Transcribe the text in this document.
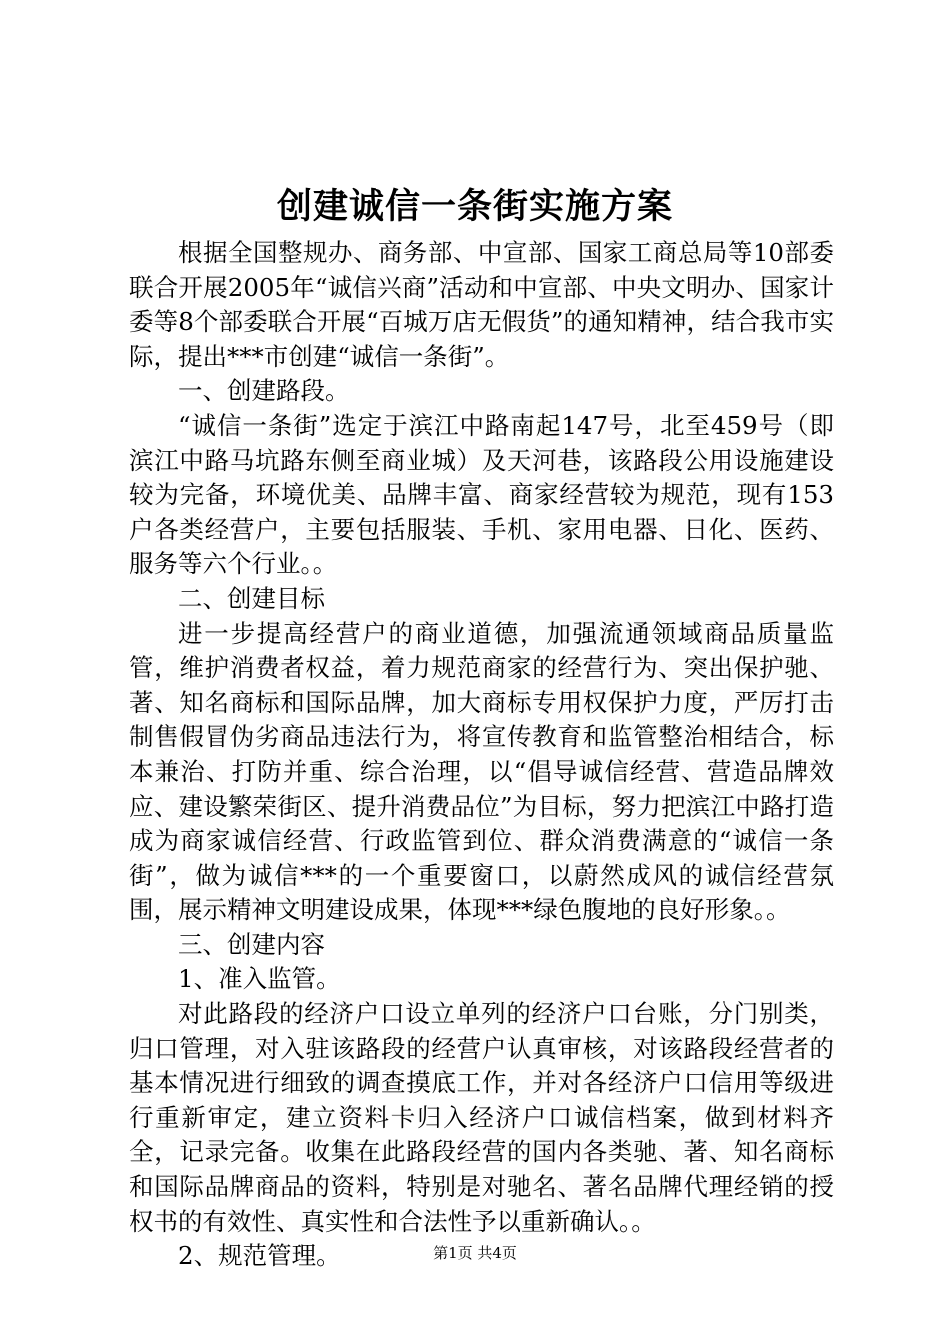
创建诚信一条街实施方案

根据全国整规办、商务部、中宣部、国家工商总局等10部委联合开展2005年“诚信兴商”活动和中宣部、中央文明办、国家计委等8个部委联合开展“百城万店无假货”的通知精神，结合我市实际，提出***市创建“诚信一条街”。

一、创建路段。

“诚信一条街”选定于滨江中路南起147号，北至459号（即滨江中路马坑路东侧至商业城）及天河巷，该路段公用设施建设较为完备，环境优美、品牌丰富、商家经营较为规范，现有153户各类经营户，主要包括服装、手机、家用电器、日化、医药、服务等六个行业。。

二、创建目标

进一步提高经营户的商业道德，加强流通领域商品质量监管，维护消费者权益，着力规范商家的经营行为、突出保护驰、著、知名商标和国际品牌，加大商标专用权保护力度，严厉打击制售假冒伪劣商品违法行为，将宣传教育和监管整治相结合，标本兼治、打防并重、综合治理，以“倡导诚信经营、营造品牌效应、建设繁荣街区、提升消费品位”为目标，努力把滨江中路打造成为商家诚信经营、行政监管到位、群众消费满意的“诚信一条街”，做为诚信***的一个重要窗口，以蔚然成风的诚信经营氛围，展示精神文明建设成果，体现***绿色腹地的良好形象。。

三、创建内容

1、准入监管。

对此路段的经济户口设立单列的经济户口台账，分门别类，归口管理，对入驻该路段的经营户认真审核，对该路段经营者的基本情况进行细致的调查摸底工作，并对各经济户口信用等级进行重新审定，建立资料卡归入经济户口诚信档案，做到材料齐全，记录完备。收集在此路段经营的国内各类驰、著、知名商标和国际品牌商品的资料，特别是对驰名、著名品牌代理经销的授权书的有效性、真实性和合法性予以重新确认。。

2、规范管理。	第1页 共4页
